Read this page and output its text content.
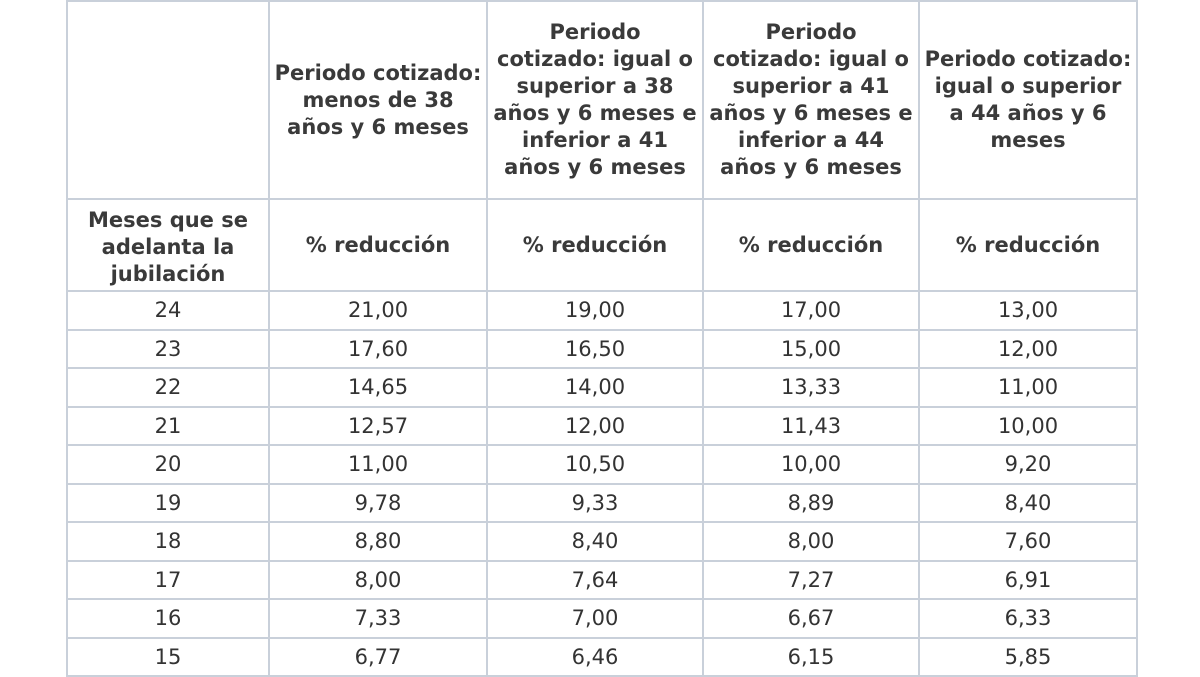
	Periodo cotizado: menos de 38 años y 6 meses	Periodo cotizado: igual o superior a 38 años y 6 meses e inferior a 41 años y 6 meses	Periodo cotizado: igual o superior a 41 años y 6 meses e inferior a 44 años y 6 meses	Periodo cotizado: igual o superior a 44 años y 6 meses
Meses que se adelanta la jubilación	% reducción	% reducción	% reducción	% reducción
24	21,00	19,00	17,00	13,00
23	17,60	16,50	15,00	12,00
22	14,65	14,00	13,33	11,00
21	12,57	12,00	11,43	10,00
20	11,00	10,50	10,00	9,20
19	9,78	9,33	8,89	8,40
18	8,80	8,40	8,00	7,60
17	8,00	7,64	7,27	6,91
16	7,33	7,00	6,67	6,33
15	6,77	6,46	6,15	5,85
